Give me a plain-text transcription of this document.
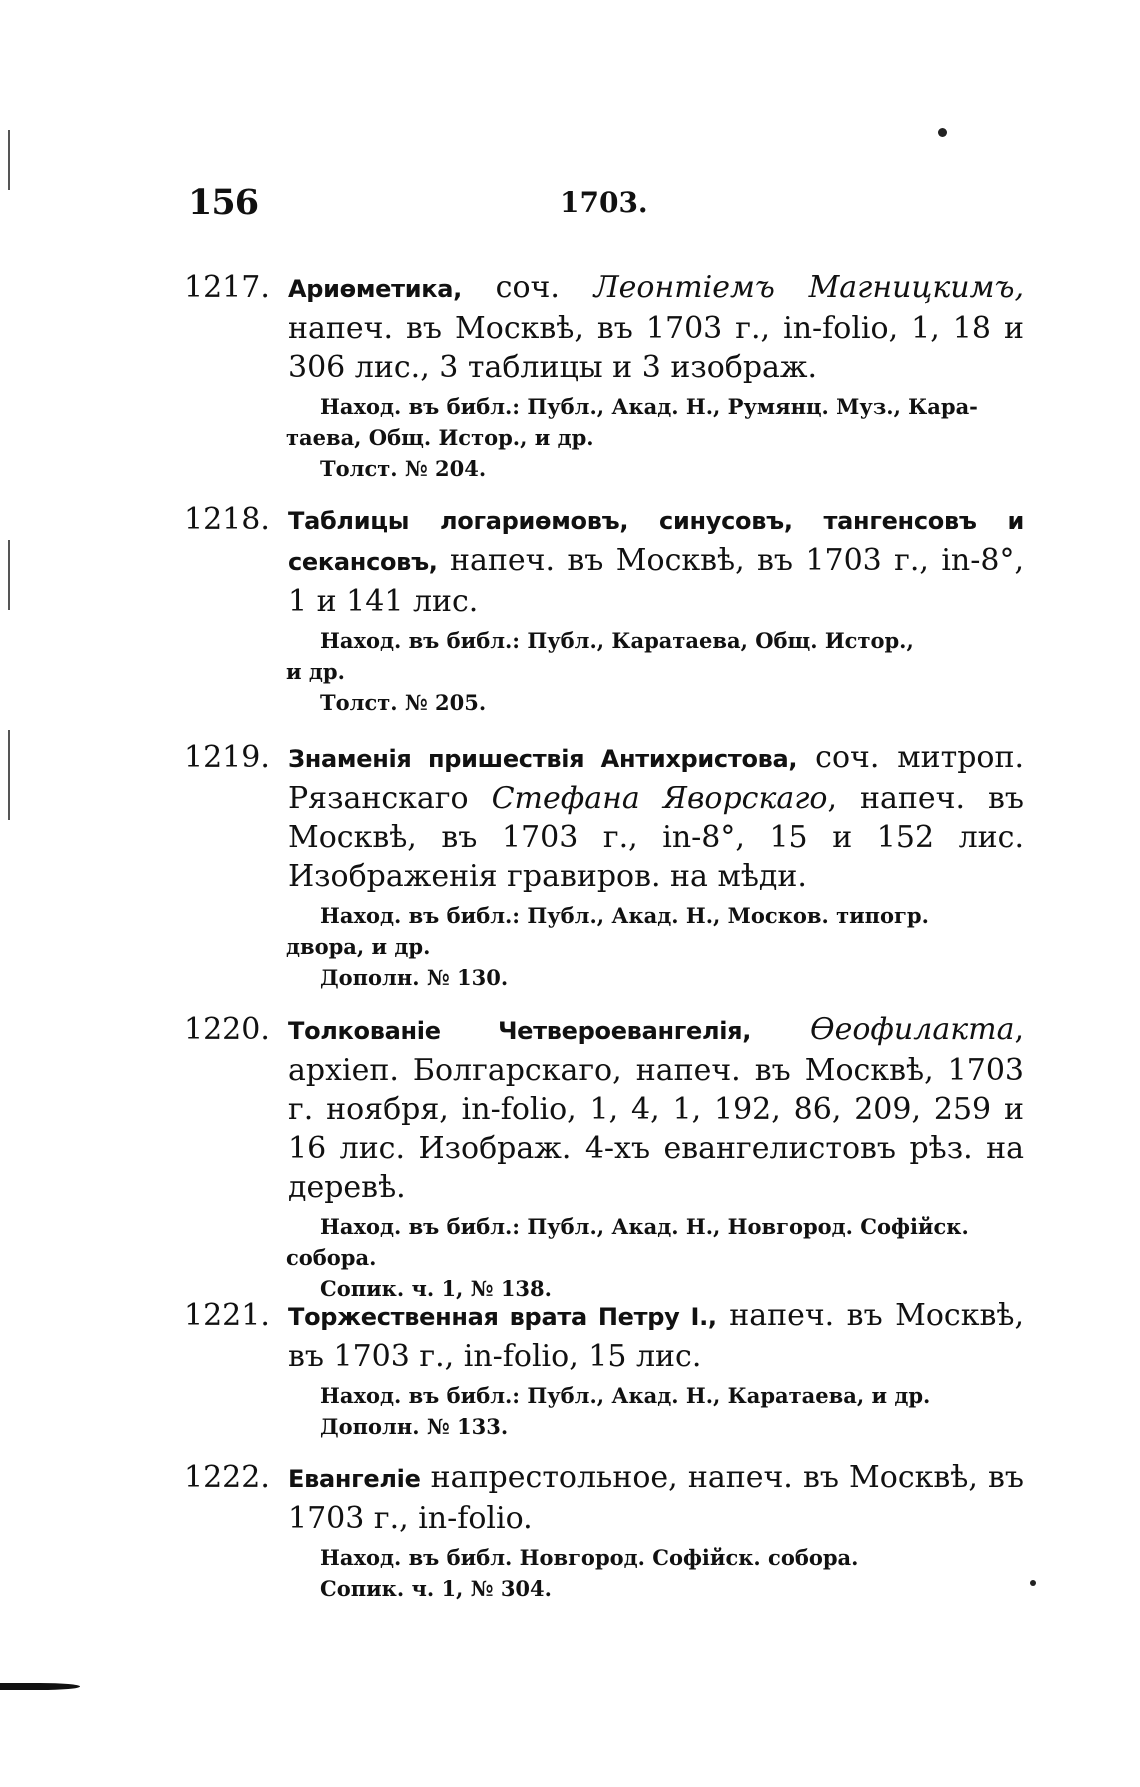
156	1703.
1217. Ариѳметика, соч. Леонтіемъ Магницкимъ, напеч. въ Москвѣ, въ 1703 г., in-folio, 1, 18 и 306 лис., 3 таблицы и 3 изображ.
Наход. въ библ.: Публ., Акад. Н., Румянц. Муз., Кара-
таева, Общ. Истор., и др.
Толст. № 204.
1218. Таблицы логариѳмовъ, синусовъ, тангенсовъ и секансовъ, напеч. въ Москвѣ, въ 1703 г., in-8°, 1 и 141 лис.
Наход. въ библ.: Публ., Каратаева, Общ. Истор.,
и др.
Толст. № 205.
1219. Знаменія пришествія Антихристова, соч. митроп. Рязанскаго Стефана Яворскаго, напеч. въ Москвѣ, въ 1703 г., in-8°, 15 и 152 лис. Изображенія гравиров. на мѣди.
Наход. въ библ.: Публ., Акад. Н., Москов. типогр.
двора, и др.
Дополн. № 130.
1220. Толкованіе Четвероевангелія, Ѳеофилакта, архіеп. Болгарскаго, напеч. въ Москвѣ, 1703 г. ноября, in-folio, 1, 4, 1, 192, 86, 209, 259 и 16 лис. Изображ. 4-хъ евангелистовъ рѣз. на деревѣ.
Наход. въ библ.: Публ., Акад. Н., Новгород. Софійск.
собора.
Сопик. ч. 1, № 138.
1221. Торжественная врата Петру I., напеч. въ Москвѣ, въ 1703 г., in-folio, 15 лис.
Наход. въ библ.: Публ., Акад. Н., Каратаева, и др.
Дополн. № 133.
1222. Евангеліе напрестольное, напеч. въ Москвѣ, въ 1703 г., in-folio.
Наход. въ библ. Новгород. Софійск. собора.
Сопик. ч. 1, № 304.
